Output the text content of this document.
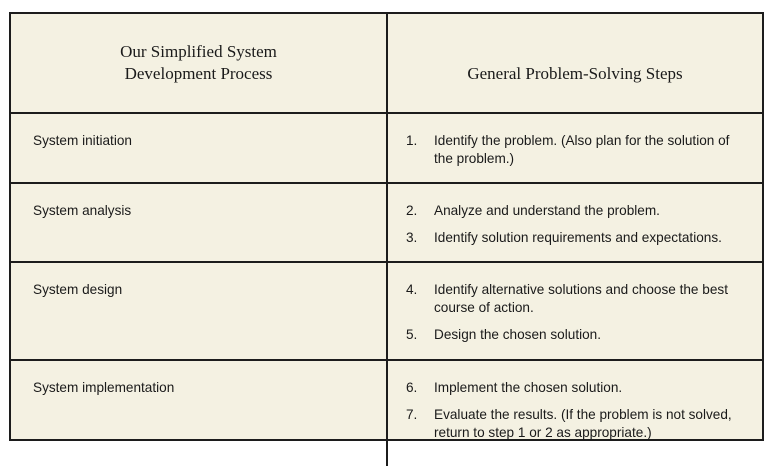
Our Simplified System
Development Process	General Problem-Solving Steps
System initiation	1. Identify the problem. (Also plan for the solution of the problem.)

System analysis	2. Analyze and understand the problem.
3. Identify solution requirements and expectations.

System design	4. Identify alternative solutions and choose the best course of action.
5. Design the chosen solution.

System implementation	6. Implement the chosen solution.
7. Evaluate the results. (If the problem is not solved, return to step 1 or 2 as appropriate.)
